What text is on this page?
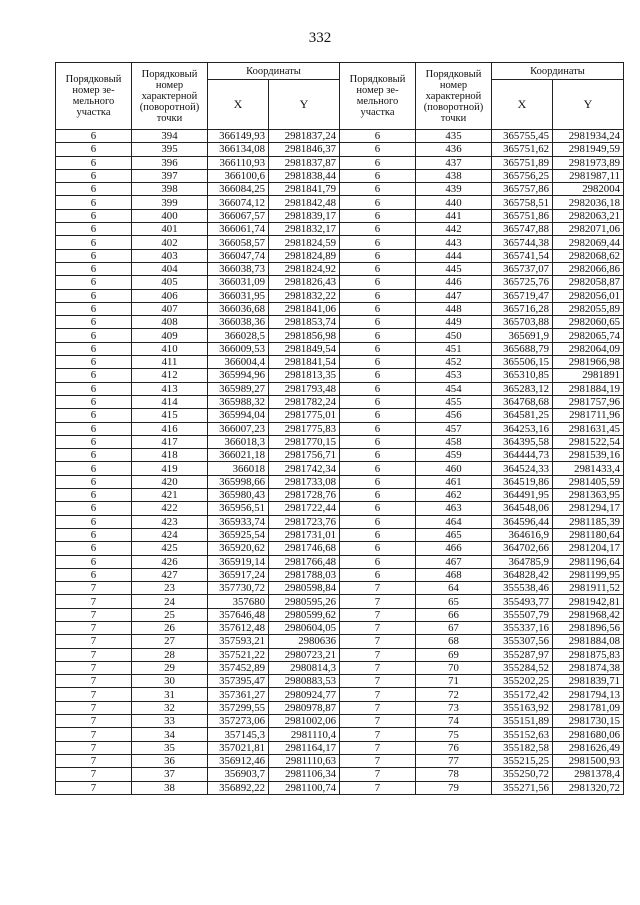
332
Порядковый номер зе-мельного участка	Порядковый номер характерной (поворотной) точки	Координаты		Порядковый номер зе-мельного участка	Порядковый номер характерной (поворотной) точки	Координаты	
		X	Y			X	Y
6	394	366149,93	2981837,24	6	435	365755,45	2981934,24
6	395	366134,08	2981846,37	6	436	365751,62	2981949,59
6	396	366110,93	2981837,87	6	437	365751,89	2981973,89
6	397	366100,6	2981838,44	6	438	365756,25	2981987,11
6	398	366084,25	2981841,79	6	439	365757,86	2982004
6	399	366074,12	2981842,48	6	440	365758,51	2982036,18
6	400	366067,57	2981839,17	6	441	365751,86	2982063,21
6	401	366061,74	2981832,17	6	442	365747,88	2982071,06
6	402	366058,57	2981824,59	6	443	365744,38	2982069,44
6	403	366047,74	2981824,89	6	444	365741,54	2982068,62
6	404	366038,73	2981824,92	6	445	365737,07	2982066,86
6	405	366031,09	2981826,43	6	446	365725,76	2982058,87
6	406	366031,95	2981832,22	6	447	365719,47	2982056,01
6	407	366036,68	2981841,06	6	448	365716,28	2982055,89
6	408	366038,36	2981853,74	6	449	365703,88	2982060,65
6	409	366028,5	2981856,98	6	450	365691,9	2982065,74
6	410	366009,53	2981849,54	6	451	365688,79	2982064,09
6	411	366004,4	2981841,54	6	452	365506,15	2981966,98
6	412	365994,96	2981813,35	6	453	365310,85	2981891
6	413	365989,27	2981793,48	6	454	365283,12	2981884,19
6	414	365988,32	2981782,24	6	455	364768,68	2981757,96
6	415	365994,04	2981775,01	6	456	364581,25	2981711,96
6	416	366007,23	2981775,83	6	457	364253,16	2981631,45
6	417	366018,3	2981770,15	6	458	364395,58	2981522,54
6	418	366021,18	2981756,71	6	459	364444,73	2981539,16
6	419	366018	2981742,34	6	460	364524,33	2981433,4
6	420	365998,66	2981733,08	6	461	364519,86	2981405,59
6	421	365980,43	2981728,76	6	462	364491,95	2981363,95
6	422	365956,51	2981722,44	6	463	364548,06	2981294,17
6	423	365933,74	2981723,76	6	464	364596,44	2981185,39
6	424	365925,54	2981731,01	6	465	364616,9	2981180,64
6	425	365920,62	2981746,68	6	466	364702,66	2981204,17
6	426	365919,14	2981766,48	6	467	364785,9	2981196,64
6	427	365917,24	2981788,03	6	468	364828,42	2981199,95
7	23	357730,72	2980598,84	7	64	355538,46	2981911,52
7	24	357680	2980595,26	7	65	355493,77	2981942,81
7	25	357646,48	2980599,62	7	66	355507,79	2981968,42
7	26	357612,48	2980604,05	7	67	355337,16	2981896,56
7	27	357593,21	2980636	7	68	355307,56	2981884,08
7	28	357521,22	2980723,21	7	69	355287,97	2981875,83
7	29	357452,89	2980814,3	7	70	355284,52	2981874,38
7	30	357395,47	2980883,53	7	71	355202,25	2981839,71
7	31	357361,27	2980924,77	7	72	355172,42	2981794,13
7	32	357299,55	2980978,87	7	73	355163,92	2981781,09
7	33	357273,06	2981002,06	7	74	355151,89	2981730,15
7	34	357145,3	2981110,4	7	75	355152,63	2981680,06
7	35	357021,81	2981164,17	7	76	355182,58	2981626,49
7	36	356912,46	2981110,63	7	77	355215,25	2981500,93
7	37	356903,7	2981106,34	7	78	355250,72	2981378,4
7	38	356892,22	2981100,74	7	79	355271,56	2981320,72
